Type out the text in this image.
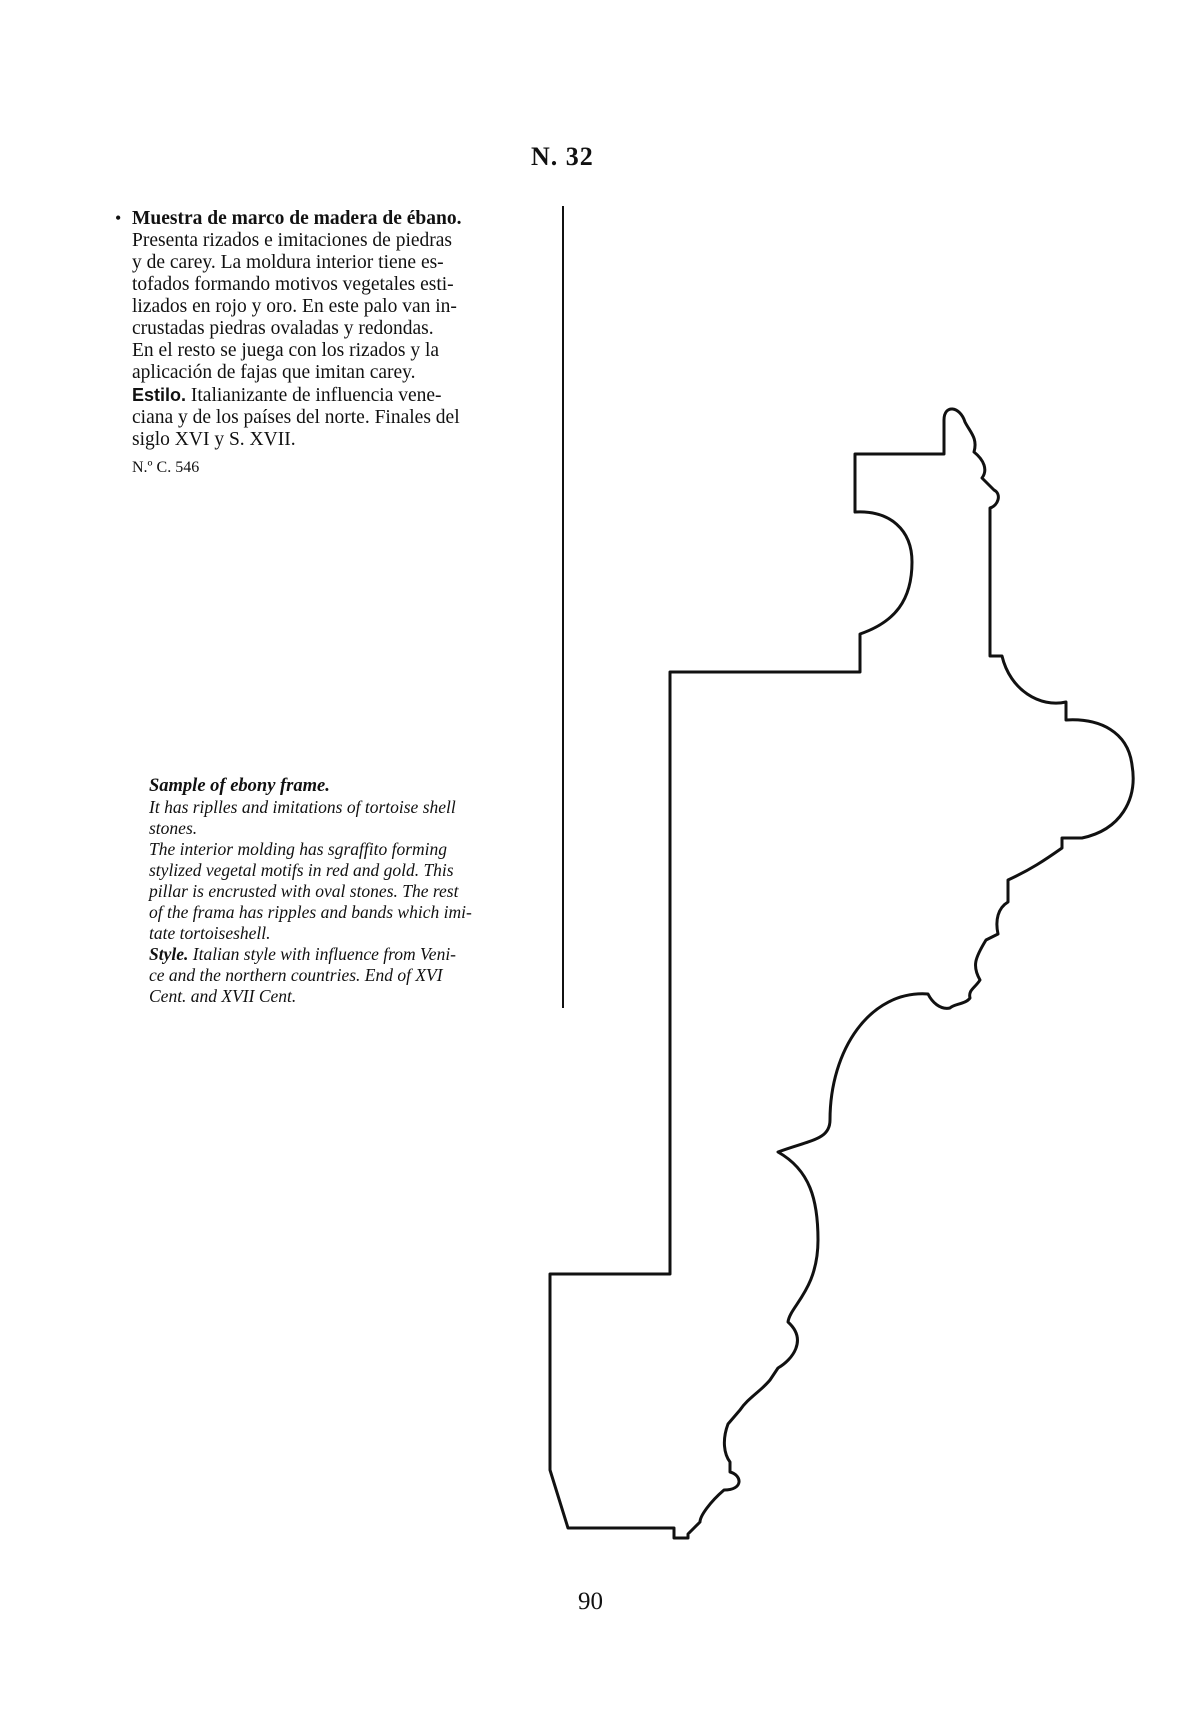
N. 32
• Muestra de marco de madera de ébano.
Presenta rizados e imitaciones de piedras
y de carey. La moldura interior tiene es-
tofados formando motivos vegetales esti-
lizados en rojo y oro. En este palo van in-
crustadas piedras ovaladas y redondas.
En el resto se juega con los rizados y la
aplicación de fajas que imitan carey.
Estilo. Italianizante de influencia vene-
ciana y de los países del norte. Finales del
siglo XVI y S. XVII.
N.º C. 546
Sample of ebony frame.
It has riplles and imitations of tortoise shell
stones.
The interior molding has sgraffito forming
stylized vegetal motifs in red and gold. This
pillar is encrusted with oval stones. The rest
of the frama has ripples and bands which imi-
tate tortoiseshell.
Style. Italian style with influence from Veni-
ce and the northern countries. End of XVI
Cent. and XVII Cent.
90
